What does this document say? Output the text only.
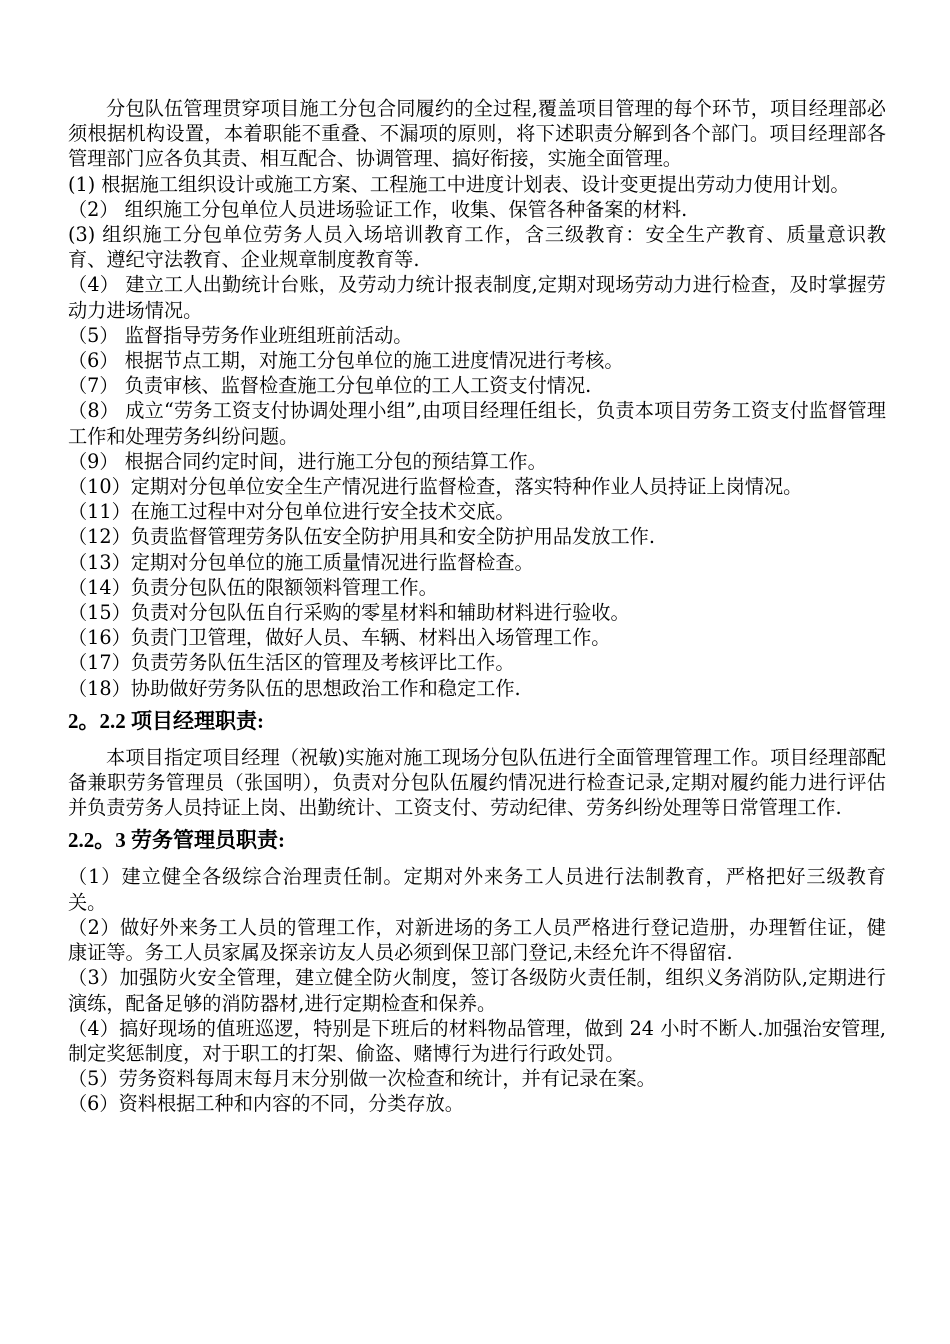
分包队伍管理贯穿项目施工分包合同履约的全过程,覆盖项目管理的每个环节，项目经理部必须根据机构设置，本着职能不重叠、不漏项的原则，将下述职责分解到各个部门。项目经理部各管理部门应各负其责、相互配合、协调管理、搞好衔接，实施全面管理。

(1) 根据施工组织设计或施工方案、工程施工中进度计划表、设计变更提出劳动力使用计划。

（2） 组织施工分包单位人员进场验证工作，收集、保管各种备案的材料.

(3) 组织施工分包单位劳务人员入场培训教育工作，含三级教育：安全生产教育、质量意识教育、遵纪守法教育、企业规章制度教育等.

（4） 建立工人出勤统计台账，及劳动力统计报表制度,定期对现场劳动力进行检查，及时掌握劳动力进场情况。

（5） 监督指导劳务作业班组班前活动。

（6） 根据节点工期，对施工分包单位的施工进度情况进行考核。

（7） 负责审核、监督检查施工分包单位的工人工资支付情况.

（8） 成立“劳务工资支付协调处理小组”,由项目经理任组长，负责本项目劳务工资支付监督管理工作和处理劳务纠纷问题。

（9） 根据合同约定时间，进行施工分包的预结算工作。

（10）定期对分包单位安全生产情况进行监督检查，落实特种作业人员持证上岗情况。

（11）在施工过程中对分包单位进行安全技术交底。

（12）负责监督管理劳务队伍安全防护用具和安全防护用品发放工作.

（13）定期对分包单位的施工质量情况进行监督检查。

（14）负责分包队伍的限额领料管理工作。

（15）负责对分包队伍自行采购的零星材料和辅助材料进行验收。

（16）负责门卫管理，做好人员、车辆、材料出入场管理工作。

（17）负责劳务队伍生活区的管理及考核评比工作。

（18）协助做好劳务队伍的思想政治工作和稳定工作.

2。2.2 项目经理职责:

本项目指定项目经理（祝敏)实施对施工现场分包队伍进行全面管理管理工作。项目经理部配备兼职劳务管理员（张国明），负责对分包队伍履约情况进行检查记录,定期对履约能力进行评估并负责劳务人员持证上岗、出勤统计、工资支付、劳动纪律、劳务纠纷处理等日常管理工作.

2.2。3 劳务管理员职责:

（1）建立健全各级综合治理责任制。定期对外来务工人员进行法制教育，严格把好三级教育关。

（2）做好外来务工人员的管理工作，对新进场的务工人员严格进行登记造册，办理暂住证，健康证等。务工人员家属及探亲访友人员必须到保卫部门登记,未经允许不得留宿.

（3）加强防火安全管理，建立健全防火制度，签订各级防火责任制，组织义务消防队,定期进行演练，配备足够的消防器材,进行定期检查和保养。

（4）搞好现场的值班巡逻，特别是下班后的材料物品管理，做到 24 小时不断人.加强治安管理,制定奖惩制度，对于职工的打架、偷盗、赌博行为进行行政处罚。

（5）劳务资料每周末每月末分别做一次检查和统计，并有记录在案。

（6）资料根据工种和内容的不同，分类存放。
